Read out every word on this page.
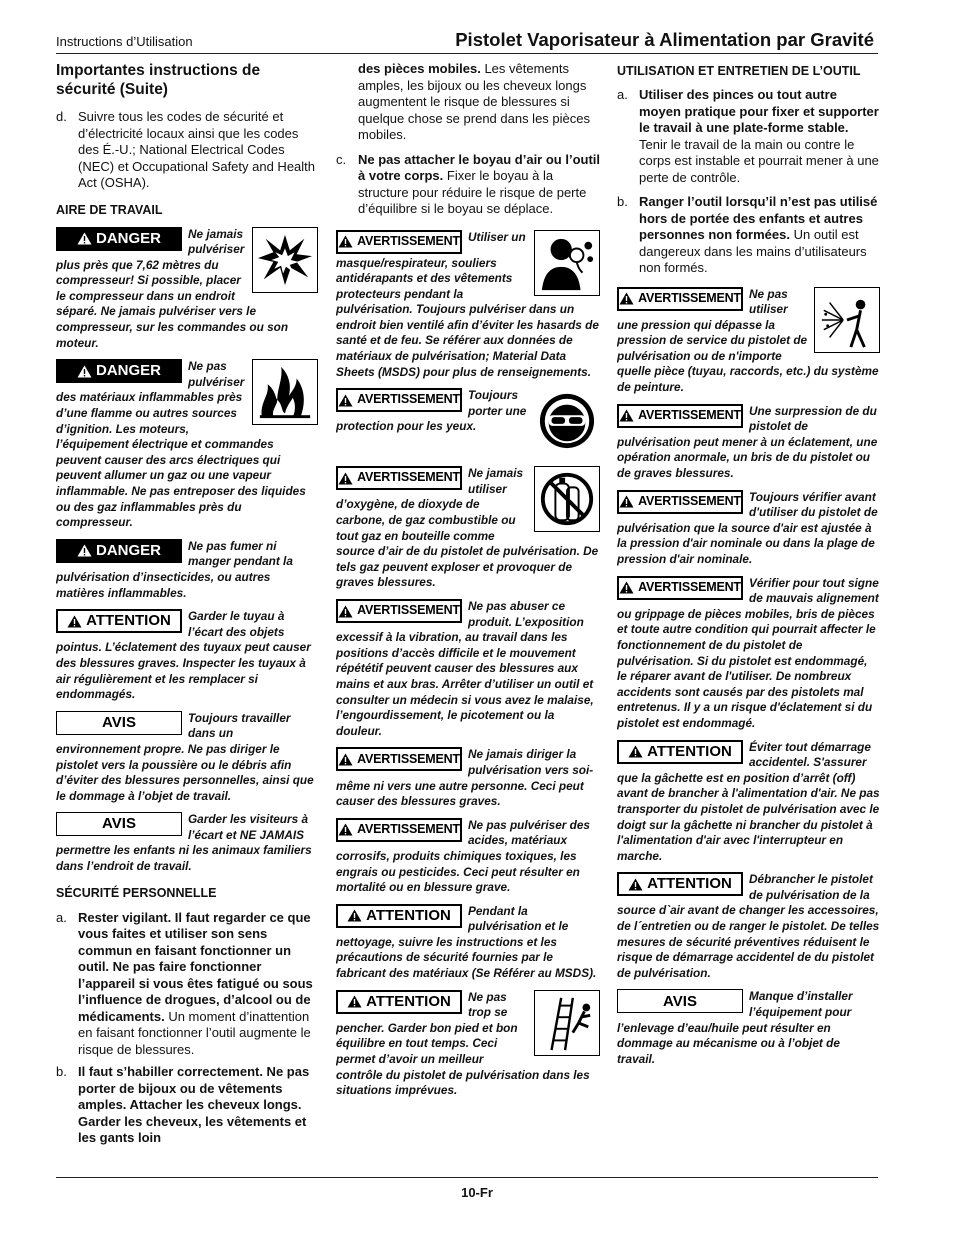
Instructions d’Utilisation	Pistolet Vaporisateur à Alimentation par Gravité
Importantes instructions de sécurité (Suite)
d. Suivre tous les codes de sécurité et d’électricité locaux ainsi que les codes des É.-U.; National Electrical Codes (NEC) et Occupational Safety and Health Act (OSHA).
AIRE DE TRAVAIL
DANGER Ne jamais pulvériser plus près que 7,62 mètres du compresseur! Si possible, placer le compresseur dans un endroit séparé. Ne jamais pulvériser vers le compresseur, sur les commandes ou son moteur.
DANGER Ne pas pulvériser des matériaux inflammables près d’une flamme ou autres sources d’ignition. Les moteurs, l’équipement électrique et commandes peuvent causer des arcs électriques qui peuvent allumer un gaz ou une vapeur inflammable. Ne pas entreposer des liquides ou des gaz inflammables près du compresseur.
DANGER Ne pas fumer ni manger pendant la pulvérisation d’insecticides, ou autres matières inflammables.
ATTENTION Garder le tuyau à l’écart des objets pointus. L’éclatement des tuyaux peut causer des blessures graves. Inspecter les tuyaux à air régulièrement et les remplacer si endommagés.
AVIS	Toujours travailler dans un environnement propre. Ne pas diriger le pistolet vers la poussière ou le débris afin d’éviter des blessures personnelles, ainsi que le dommage à l’objet de travail.
AVIS	Garder les visiteurs à l’écart et NE JAMAIS permettre les enfants ni les animaux familiers dans l’endroit de travail.
SÉCURITÉ PERSONNELLE
a. Rester vigilant. Il faut regarder ce que vous faites et utiliser son sens commun en faisant fonctionner un outil. Ne pas faire fonctionner l’appareil si vous êtes fatigué ou sous l’influence de drogues, d’alcool ou de médicaments. Un moment d’inattention en faisant fonctionner l’outil augmente le risque de blessures.
b. Il faut s’habiller correctement. Ne pas porter de bijoux ou de vêtements amples. Attacher les cheveux longs. Garder les cheveux, les vêtements et les gants loin
des pièces mobiles. Les vêtements amples, les bijoux ou les cheveux longs augmentent le risque de blessures si quelque chose se prend dans les pièces mobiles.
c. Ne pas attacher le boyau d’air ou l’outil à votre corps. Fixer le boyau à la structure pour réduire le risque de perte d’équilibre si le boyau se déplace.
AVERTISSEMENT Utiliser un masque/respirateur, souliers antidérapants et des vêtements protecteurs pendant la pulvérisation. Toujours pulvériser dans un endroit bien ventilé afin d’éviter les hasards de santé et de feu. Se référer aux données de matériaux de pulvérisation; Material Data Sheets (MSDS) pour plus de renseignements.
AVERTISSEMENT Toujours porter une protection pour les yeux.
AVERTISSEMENT Ne jamais utiliser d’oxygène, de dioxyde de carbone, de gaz combustible ou tout gaz en bouteille comme source d’air de du pistolet de pulvérisation. De tels gaz peuvent exploser et provoquer de graves blessures.
AVERTISSEMENT Ne pas abuser ce produit. L’exposition excessif à la vibration, au travail dans les positions d’accès difficile et le mouvement répététif peuvent causer des blessures aux mains et aux bras. Arrêter d’utiliser un outil et consulter un médecin si vous avez le malaise, l’engourdissement, le picotement ou la douleur.
AVERTISSEMENT Ne jamais diriger la pulvérisation vers soi-même ni vers une autre personne. Ceci peut causer des blessures graves.
AVERTISSEMENT Ne pas pulvériser des acides, matériaux corrosifs, produits chimiques toxiques, les engrais ou pesticides. Ceci peut résulter en mortalité ou en blessure grave.
ATTENTION Pendant la pulvérisation et le nettoyage, suivre les instructions et les précautions de sécurité fournies par le fabricant des matériaux (Se Référer au MSDS).
ATTENTION Ne pas trop se pencher. Garder bon pied et bon équilibre en tout temps. Ceci permet d’avoir un meilleur contrôle du pistolet de pulvérisation dans les situations imprévues.
UTILISATION ET ENTRETIEN DE L’OUTIL
a. Utiliser des pinces ou tout autre moyen pratique pour fixer et supporter le travail à une plate-forme stable. Tenir le travail de la main ou contre le corps est instable et pourrait mener à une perte de contrôle.
b. Ranger l’outil lorsqu’il n’est pas utilisé hors de portée des enfants et autres personnes non formées. Un outil est dangereux dans les mains d’utilisateurs non formés.
AVERTISSEMENT Ne pas utiliser une pression qui dépasse la pression de service du pistolet de pulvérisation ou de n'importe quelle pièce (tuyau, raccords, etc.) du système de peinture.
AVERTISSEMENT Une surpression de du pistolet de pulvérisation peut mener à un éclatement, une opération anormale, un bris de du pistolet ou de graves blessures.
AVERTISSEMENT Toujours vérifier avant d'utiliser du pistolet de pulvérisation que la source d'air est ajustée à la pression d'air nominale ou dans la plage de pression d'air nominale.
AVERTISSEMENT Vérifier pour tout signe de mauvais alignement ou grippage de pièces mobiles, bris de pièces et toute autre condition qui pourrait affecter le fonctionnement de du pistolet de pulvérisation. Si du pistolet est endommagé, le réparer avant de l'utiliser. De nombreux accidents sont causés par des pistolets mal entretenus. Il y a un risque d'éclatement si du pistolet est endommagé.
ATTENTION Éviter tout démarrage accidentel. S'assurer que la gâchette est en position d’arrêt (off) avant de brancher à l'alimentation d'air. Ne pas transporter du pistolet de pulvérisation avec le doigt sur la gâchette ni brancher du pistolet à l'alimentation d'air avec l'interrupteur en marche.
ATTENTION Débrancher le pistolet de pulvérisation de la source d`air avant de changer les accessoires, de l´entretien ou de ranger le pistolet. De telles mesures de sécurité préventives réduisent le risque de démarrage accidentel de du pistolet de pulvérisation.
AVIS	Manque d’installer l’équipement pour l’enlevage d’eau/huile peut résulter en dommage au mécanisme ou à l’objet de travail.
10-Fr
